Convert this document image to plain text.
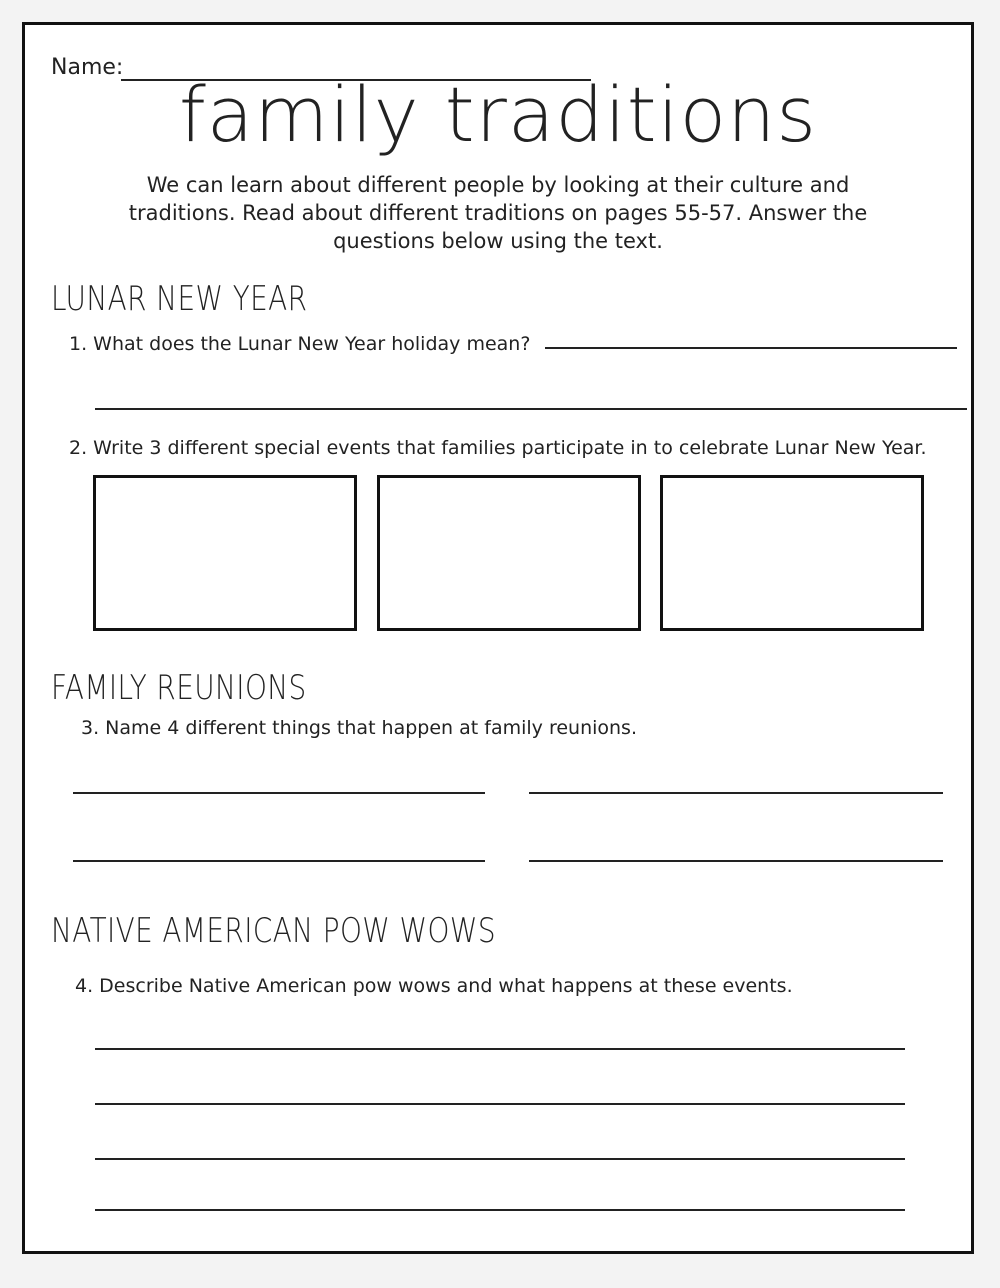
Name:
family traditions
We can learn about different people by looking at their culture and traditions. Read about different traditions on pages 55-57. Answer the questions below using the text.
LUNAR NEW YEAR
1. What does the Lunar New Year holiday mean?
2. Write 3 different special events that families participate in to celebrate Lunar New Year.
FAMILY REUNIONS
3. Name 4 different things that happen at family reunions.
NATIVE AMERICAN POW WOWS
4. Describe Native American pow wows and what happens at these events.
